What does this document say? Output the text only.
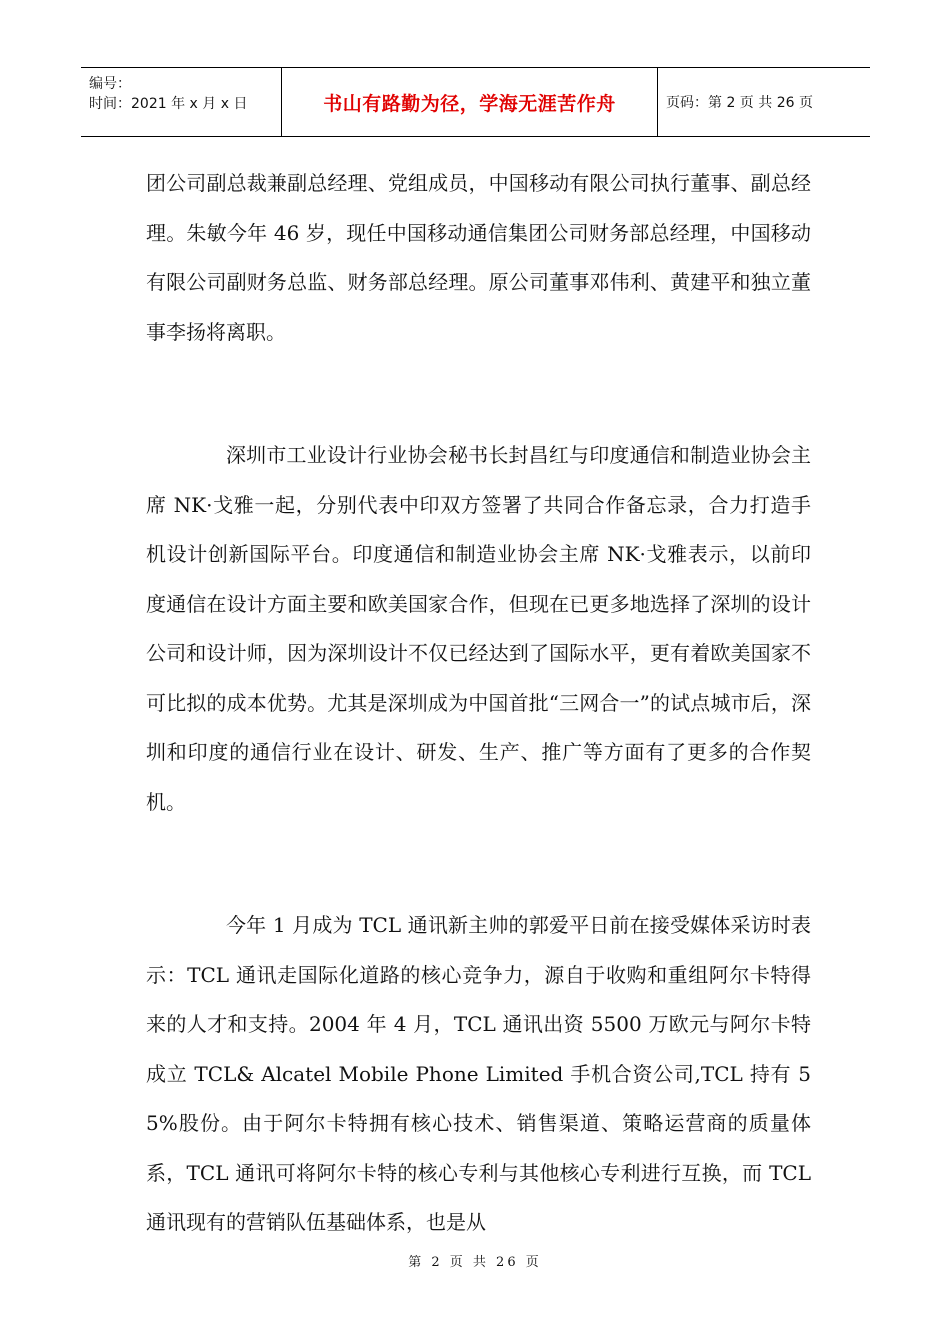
编号：
时间：2021 年 x 月 x 日	书山有路勤为径，学海无涯苦作舟	页码：第 2 页 共 26 页

团公司副总裁兼副总经理、党组成员，中国移动有限公司执行董事、副总经理。朱敏今年 46 岁，现任中国移动通信集团公司财务部总经理，中国移动有限公司副财务总监、财务部总经理。原公司董事邓伟利、黄建平和独立董事李扬将离职。

深圳市工业设计行业协会秘书长封昌红与印度通信和制造业协会主席 NK·戈雅一起，分别代表中印双方签署了共同合作备忘录，合力打造手机设计创新国际平台。印度通信和制造业协会主席 NK·戈雅表示，以前印度通信在设计方面主要和欧美国家合作，但现在已更多地选择了深圳的设计公司和设计师，因为深圳设计不仅已经达到了国际水平，更有着欧美国家不可比拟的成本优势。尤其是深圳成为中国首批“三网合一”的试点城市后，深圳和印度的通信行业在设计、研发、生产、推广等方面有了更多的合作契机。

今年 1 月成为 TCL 通讯新主帅的郭爱平日前在接受媒体采访时表示：TCL 通讯走国际化道路的核心竞争力，源自于收购和重组阿尔卡特得来的人才和支持。2004 年 4 月，TCL 通讯出资 5500 万欧元与阿尔卡特成立 TCL& Alcatel Mobile Phone Limited 手机合资公司,TCL 持有 55%股份。由于阿尔卡特拥有核心技术、销售渠道、策略运营商的质量体系，TCL 通讯可将阿尔卡特的核心专利与其他核心专利进行互换，而 TCL 通讯现有的营销队伍基础体系，也是从

第 2 页 共 26 页
